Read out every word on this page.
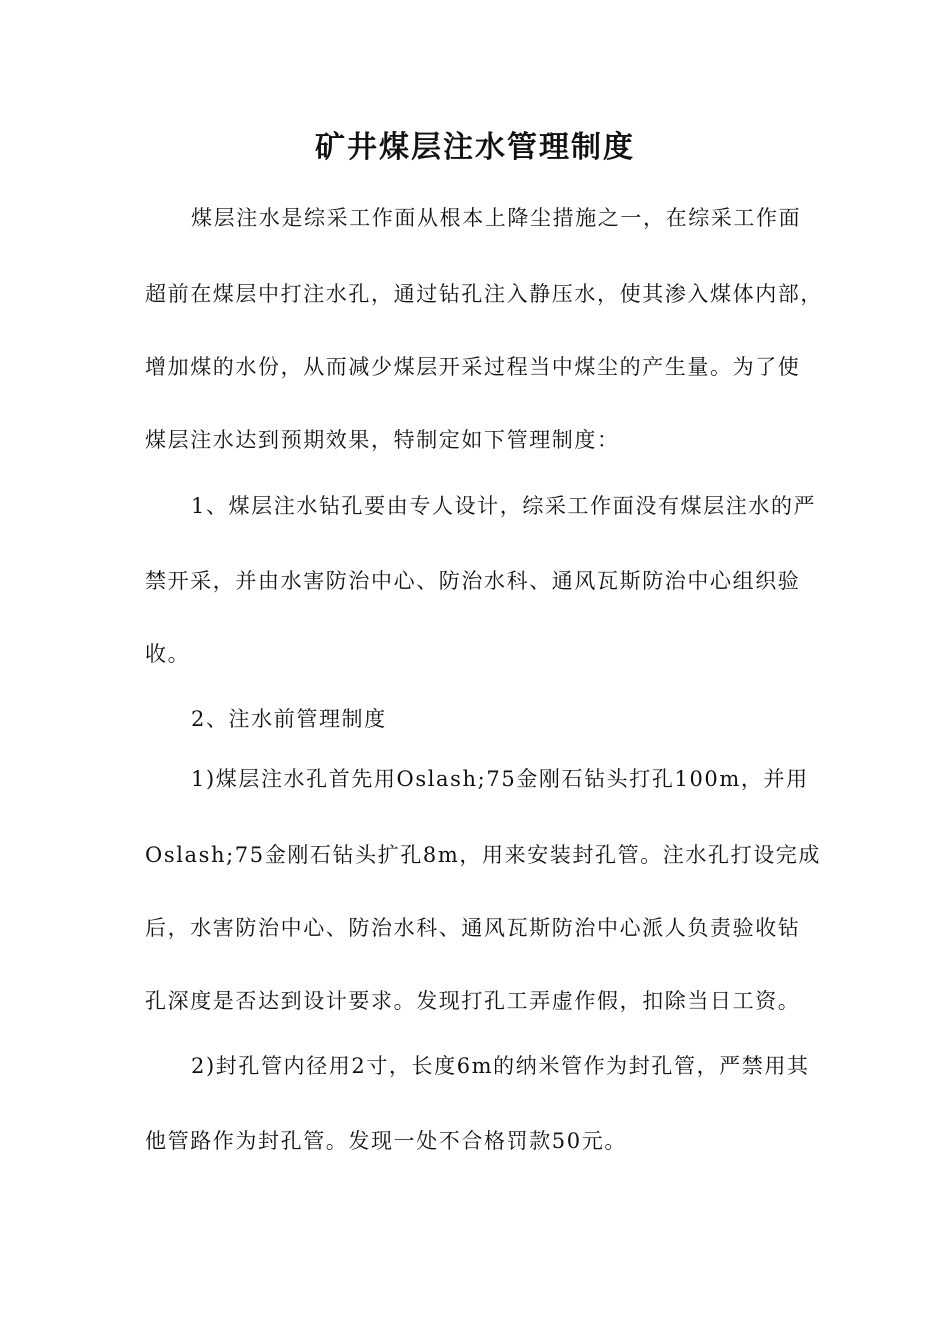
矿井煤层注水管理制度
煤层注水是综采工作面从根本上降尘措施之一，在综采工作面
超前在煤层中打注水孔，通过钻孔注入静压水，使其渗入煤体内部，
增加煤的水份，从而减少煤层开采过程当中煤尘的产生量。为了使
煤层注水达到预期效果，特制定如下管理制度：
1、煤层注水钻孔要由专人设计，综采工作面没有煤层注水的严
禁开采，并由水害防治中心、防治水科、通风瓦斯防治中心组织验
收。
2、注水前管理制度
1)煤层注水孔首先用Oslash;75金刚石钻头打孔100m，并用
Oslash;75金刚石钻头扩孔8m，用来安装封孔管。注水孔打设完成
后，水害防治中心、防治水科、通风瓦斯防治中心派人负责验收钻
孔深度是否达到设计要求。发现打孔工弄虚作假，扣除当日工资。
2)封孔管内径用2寸，长度6m的纳米管作为封孔管，严禁用其
他管路作为封孔管。发现一处不合格罚款50元。
